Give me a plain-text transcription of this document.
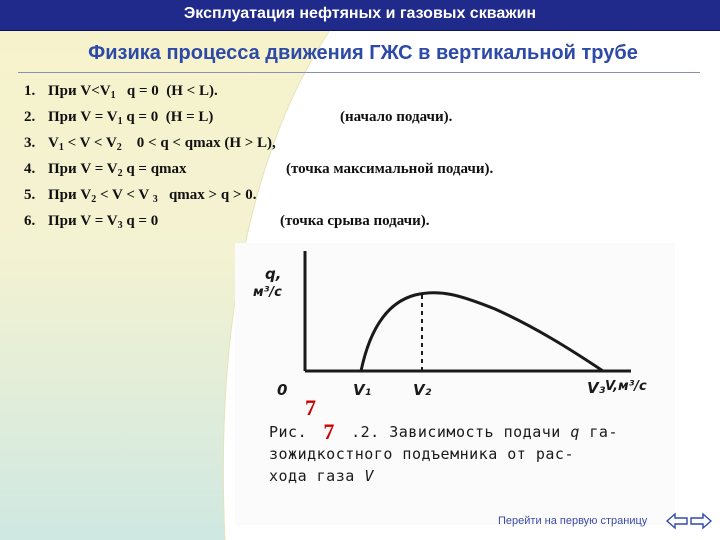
Эксплуатация нефтяных и газовых скважин
Физика процесса движения ГЖС в вертикальной трубе
1. При V<V1   q = 0  (H < L).
2. При V = V1 q = 0  (H = L)	(начало подачи).
3. V1 < V < V2    0 < q < qmax (H > L),
4. При V = V2 q = qmax	(точка максимальной подачи).
5. При V2 < V < V 3   qmax > q > 0.
6. При V = V3 q = 0	(точка срыва подачи).
q,
м³/с
0	V₁	V₂	V₃ V,м³/с
7
Рис. 7 .2. Зависимость подачи q га-
зожидкостного подъемника от рас-
хода газа V
Перейти на первую страницу
